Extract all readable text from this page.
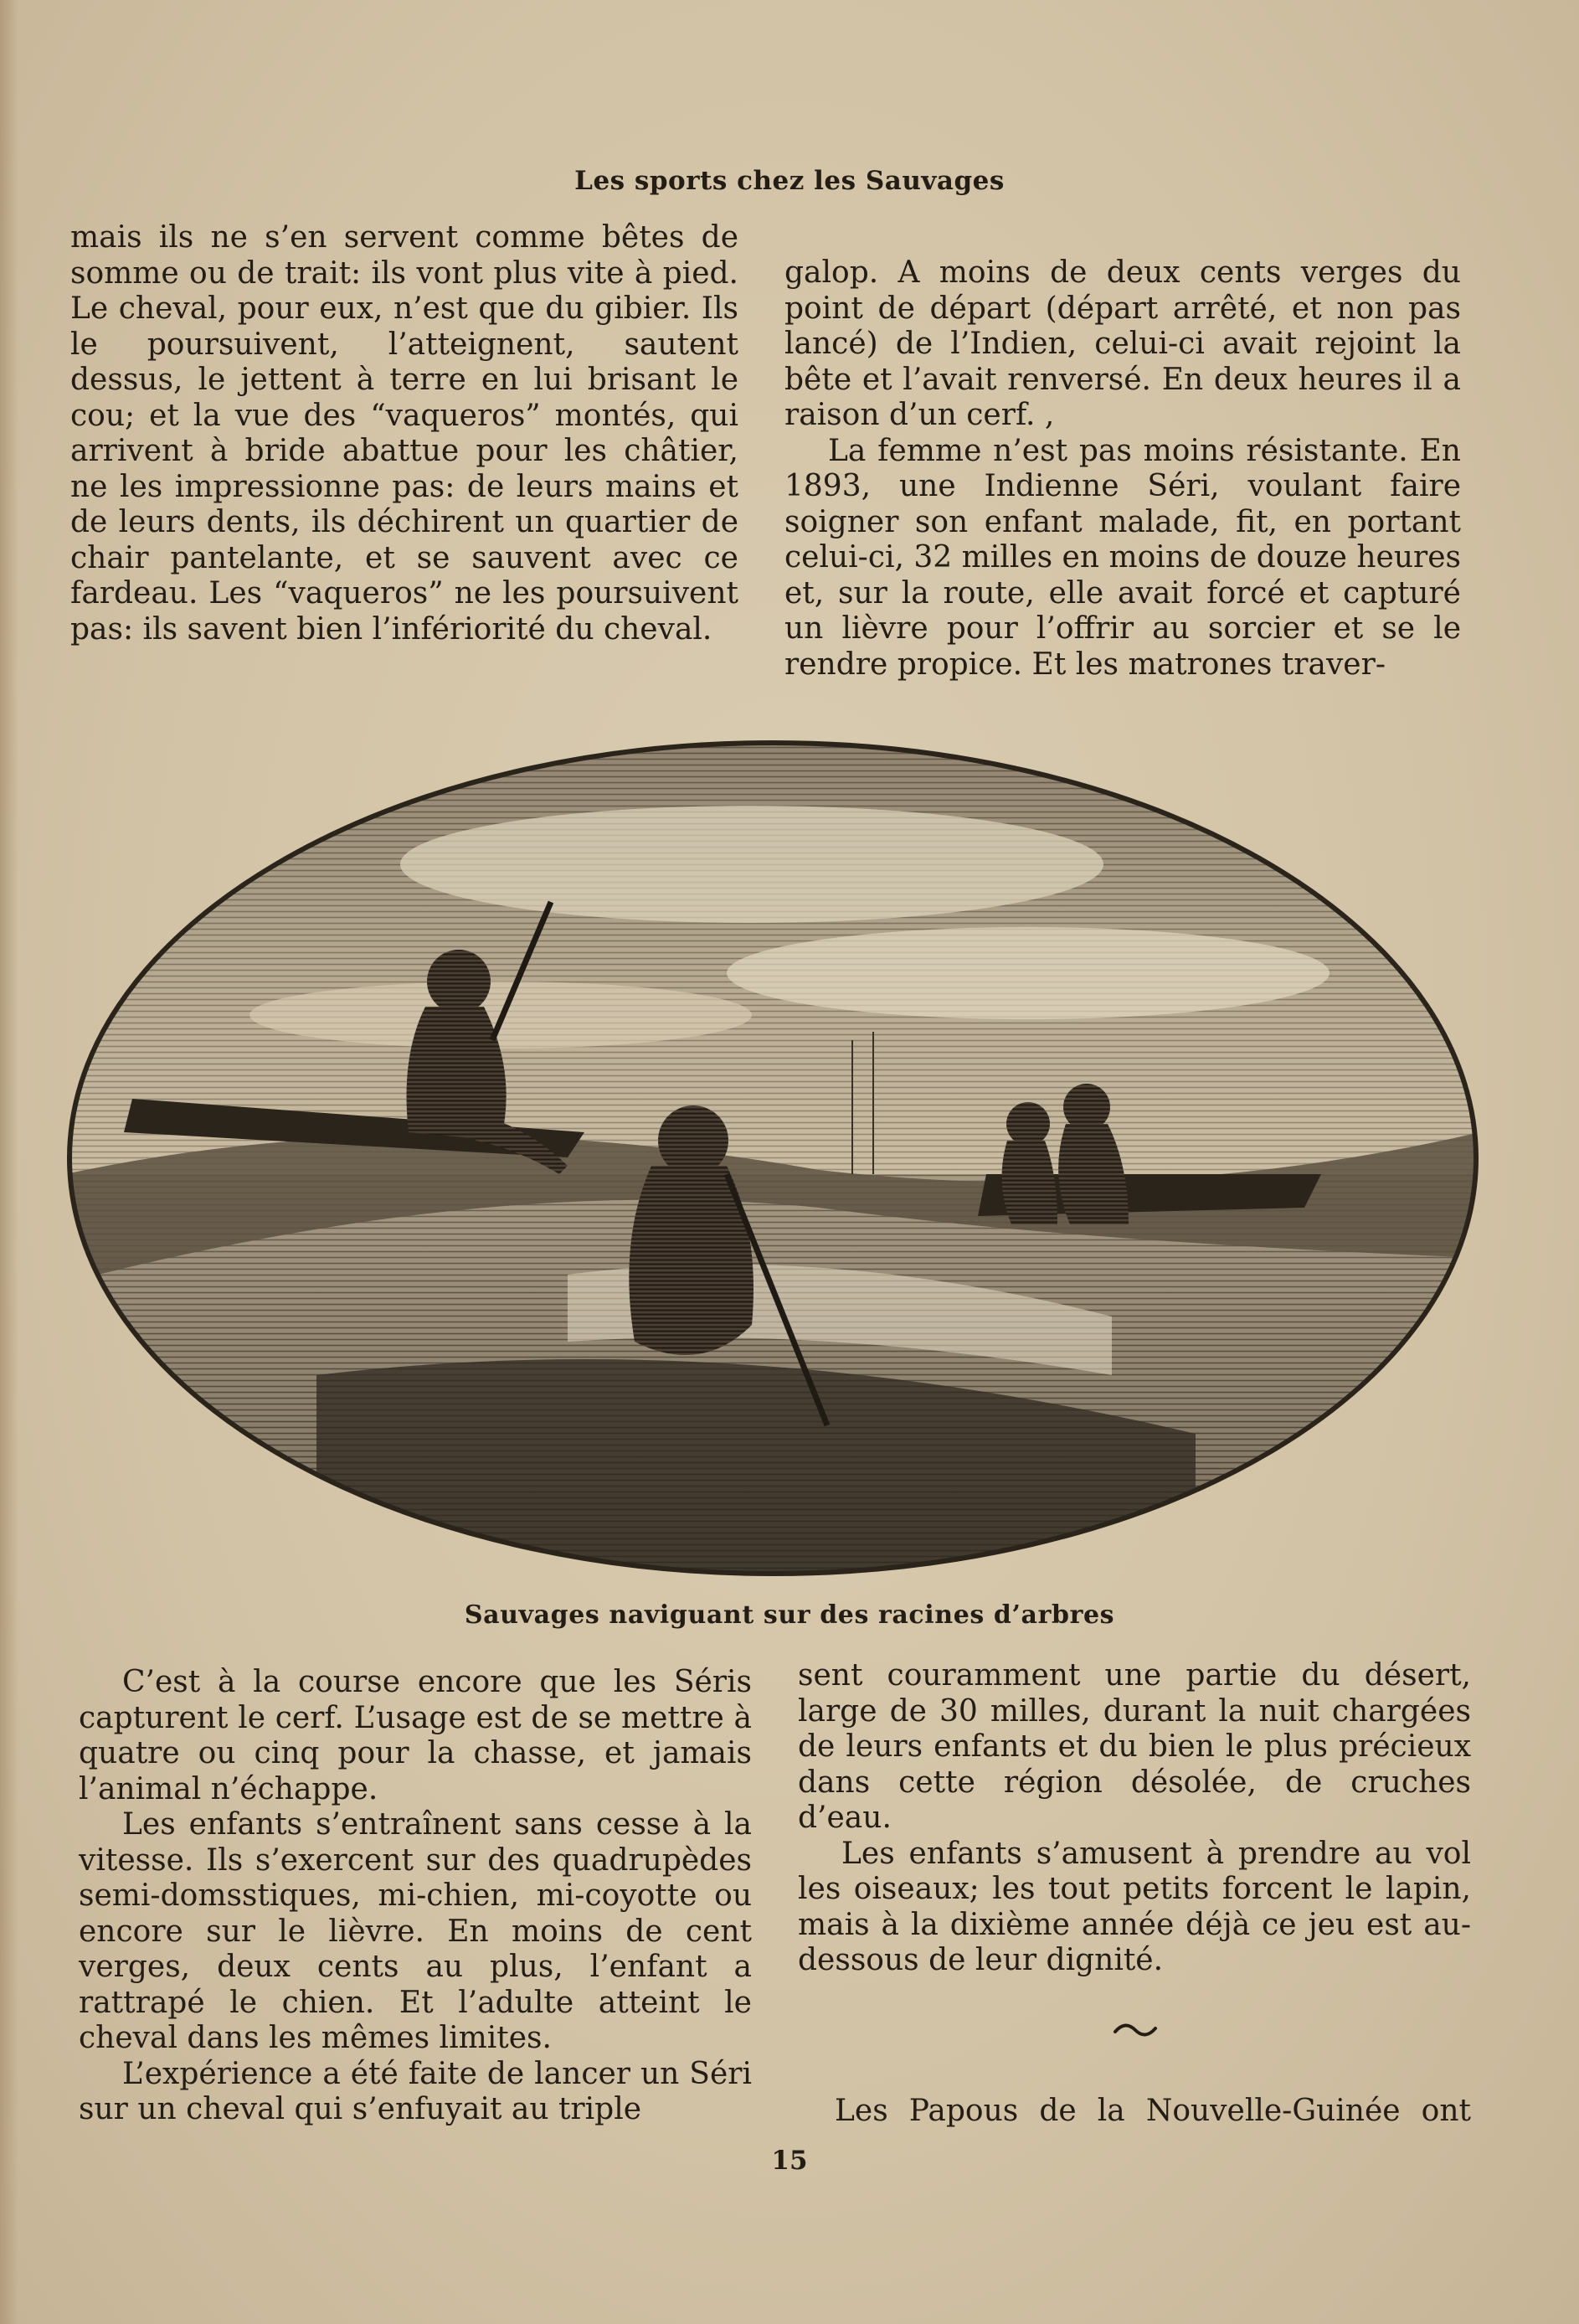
Les sports chez les Sauvages

mais ils ne s’en servent comme bêtes de somme ou de trait: ils vont plus vite à pied. Le cheval, pour eux, n’est que du gibier. Ils le poursuivent, l’atteignent, sautent dessus, le jettent à terre en lui brisant le cou; et la vue des “vaqueros” montés, qui arrivent à bride abattue pour les châtier, ne les impressionne pas: de leurs mains et de leurs dents, ils déchirent un quartier de chair pantelante, et se sauvent avec ce fardeau. Les “vaqueros” ne les poursuivent pas: ils savent bien l’infériorité du cheval.

galop. A moins de deux cents verges du point de départ (départ arrêté, et non pas lancé) de l’Indien, celui-ci avait rejoint la bête et l’avait renversé. En deux heures il a raison d’un cerf. ,

La femme n’est pas moins résistante. En 1893, une Indienne Séri, voulant faire soigner son enfant malade, fit, en portant celui-ci, 32 milles en moins de douze heures et, sur la route, elle avait forcé et capturé un lièvre pour l’offrir au sorcier et se le rendre propice. Et les matrones traver-

Sauvages naviguant sur des racines d’arbres

C’est à la course encore que les Séris capturent le cerf. L’usage est de se mettre à quatre ou cinq pour la chasse, et jamais l’animal n’échappe.

Les enfants s’entraînent sans cesse à la vitesse. Ils s’exercent sur des quadrupèdes semi-domsstiques, mi-chien, mi-coyotte ou encore sur le lièvre. En moins de cent verges, deux cents au plus, l’enfant a rattrapé le chien. Et l’adulte atteint le cheval dans les mêmes limites.

L’expérience a été faite de lancer un Séri sur un cheval qui s’enfuyait au triple

sent couramment une partie du désert, large de 30 milles, durant la nuit chargées de leurs enfants et du bien le plus précieux dans cette région désolée, de cruches d’eau.

Les enfants s’amusent à prendre au vol les oiseaux; les tout petits forcent le lapin, mais à la dixième année déjà ce jeu est au-dessous de leur dignité.

Les Papous de la Nouvelle-Guinée ont
15
